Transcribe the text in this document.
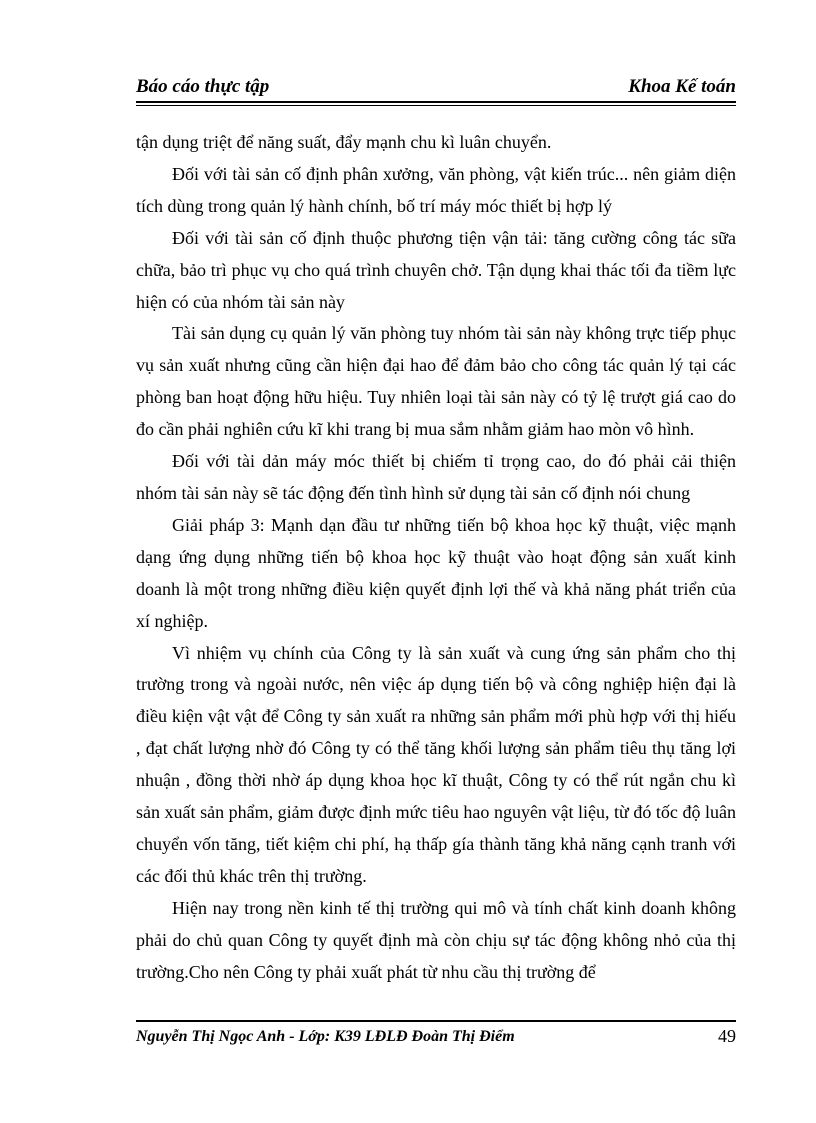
Báo cáo thực tập	Khoa Kế toán

tận dụng triệt để năng suất, đẩy mạnh chu kì luân chuyển.

Đối với tài sản cố định phân xưởng, văn phòng, vật kiến trúc... nên giảm diện tích dùng trong quản lý hành chính, bố trí máy móc thiết bị hợp lý

Đối với tài sản cố định thuộc phương tiện vận tải: tăng cường công tác sữa chữa, bảo trì phục vụ cho quá trình chuyên chở. Tận dụng khai thác tối đa tiềm lực hiện có của nhóm tài sản này

Tài sản dụng cụ quản lý văn phòng tuy nhóm tài sản này không trực tiếp phục vụ sản xuất nhưng cũng cần hiện đại hao để đảm bảo cho công tác quản lý tại các phòng ban hoạt động hữu hiệu. Tuy nhiên loại tài sản này có tỷ lệ trượt giá cao do đo cần phải nghiên cứu kĩ khi trang bị mua sắm nhằm giảm hao mòn vô hình.

Đối với tài dản máy móc thiết bị chiếm tỉ trọng cao, do đó phải cải thiện nhóm tài sản này sẽ tác động đến tình hình sử dụng tài sản cố định nói chung

Giải pháp 3: Mạnh dạn đầu tư những tiến bộ khoa học kỹ thuật, việc mạnh dạng ứng dụng những tiến bộ khoa học kỹ thuật vào hoạt động sản xuất kinh doanh là một trong những điều kiện quyết định lợi thế và khả năng phát triển của xí nghiệp.

Vì nhiệm vụ chính của Công ty là sản xuất và cung ứng sản phẩm cho thị trường trong và ngoài nước, nên việc áp dụng tiến bộ và công nghiệp hiện đại là điều kiện vật vật để Công ty sản xuất ra những sản phẩm mới phù hợp với thị hiếu , đạt chất lượng nhờ đó Công ty có thể tăng khối lượng sản phẩm tiêu thụ tăng lợi nhuận , đồng thời nhờ áp dụng khoa học kĩ thuật, Công ty có thể rút ngắn chu kì sản xuất sản phẩm, giảm được định mức tiêu hao nguyên vật liệu, từ đó tốc độ luân chuyển vốn tăng, tiết kiệm chi phí, hạ thấp gía thành tăng khả năng cạnh tranh với các đối thủ khác trên thị trường.

Hiện nay trong nền kinh tế thị trường qui mô và tính chất kinh doanh không phải do chủ quan Công ty quyết định mà còn chịu sự tác động không nhỏ của thị trường.Cho nên Công ty phải xuất phát từ nhu cầu thị trường để

Nguyễn Thị Ngọc Anh - Lớp: K39 LĐLĐ Đoàn Thị Điểm	49
